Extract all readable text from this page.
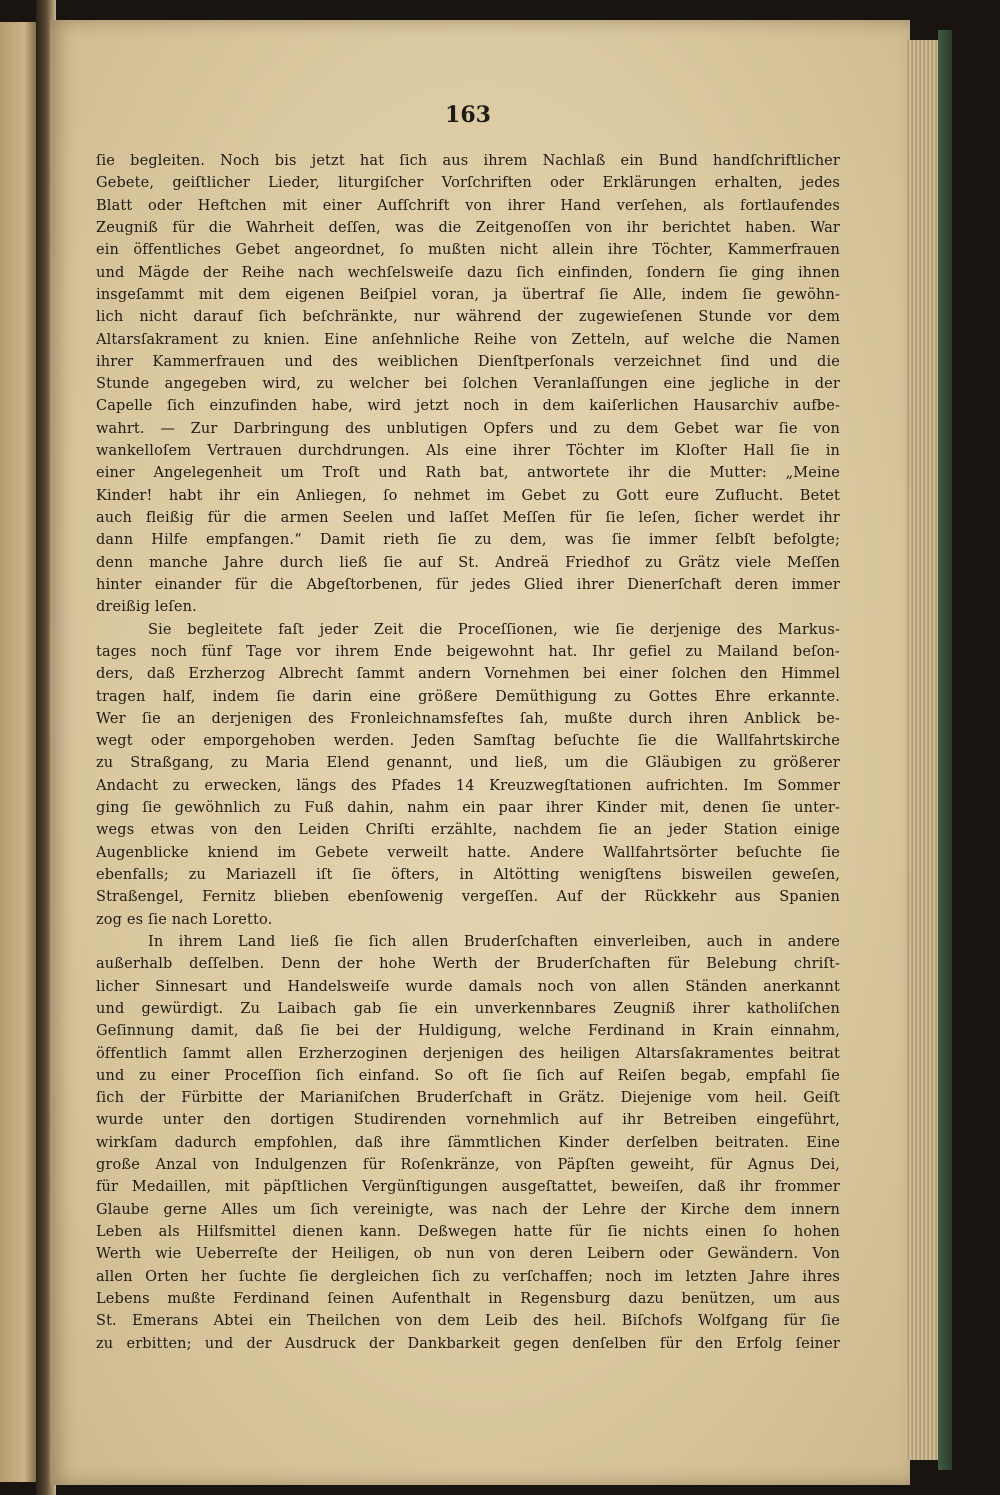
163
ſie begleiten. Noch bis jetzt hat ſich aus ihrem Nachlaß ein Bund handſchriftlicher
Gebete, geiſtlicher Lieder, liturgiſcher Vorſchriften oder Erklärungen erhalten, jedes
Blatt oder Heftchen mit einer Aufſchrift von ihrer Hand verſehen, als fortlaufendes
Zeugniß für die Wahrheit deſſen, was die Zeitgenoſſen von ihr berichtet haben. War
ein öffentliches Gebet angeordnet, ſo mußten nicht allein ihre Töchter, Kammerfrauen
und Mägde der Reihe nach wechſelsweiſe dazu ſich einfinden, ſondern ſie ging ihnen
insgeſammt mit dem eigenen Beiſpiel voran, ja übertraf ſie Alle, indem ſie gewöhn-
lich nicht darauf ſich beſchränkte, nur während der zugewieſenen Stunde vor dem
Altarsſakrament zu knien. Eine anſehnliche Reihe von Zetteln, auf welche die Namen
ihrer Kammerfrauen und des weiblichen Dienſtperſonals verzeichnet ſind und die
Stunde angegeben wird, zu welcher bei ſolchen Veranlaſſungen eine jegliche in der
Capelle ſich einzufinden habe, wird jetzt noch in dem kaiſerlichen Hausarchiv aufbe-
wahrt. — Zur Darbringung des unblutigen Opfers und zu dem Gebet war ſie von
wankelloſem Vertrauen durchdrungen. Als eine ihrer Töchter im Kloſter Hall ſie in
einer Angelegenheit um Troſt und Rath bat, antwortete ihr die Mutter: „Meine
Kinder! habt ihr ein Anliegen, ſo nehmet im Gebet zu Gott eure Zuflucht. Betet
auch fleißig für die armen Seelen und laſſet Meſſen für ſie leſen, ſicher werdet ihr
dann Hilfe empfangen.“ Damit rieth ſie zu dem, was ſie immer ſelbſt befolgte;
denn manche Jahre durch ließ ſie auf St. Andreä Friedhof zu Grätz viele Meſſen
hinter einander für die Abgeſtorbenen, für jedes Glied ihrer Dienerſchaft deren immer
dreißig leſen.
Sie begleitete faſt jeder Zeit die Proceſſionen, wie ſie derjenige des Markus-
tages noch fünf Tage vor ihrem Ende beigewohnt hat. Ihr gefiel zu Mailand beſon-
ders, daß Erzherzog Albrecht ſammt andern Vornehmen bei einer ſolchen den Himmel
tragen half, indem ſie darin eine größere Demüthigung zu Gottes Ehre erkannte.
Wer ſie an derjenigen des Fronleichnamsfeſtes ſah, mußte durch ihren Anblick be-
wegt oder emporgehoben werden. Jeden Samſtag beſuchte ſie die Wallfahrtskirche
zu Straßgang, zu Maria Elend genannt, und ließ, um die Gläubigen zu größerer
Andacht zu erwecken, längs des Pfades 14 Kreuzwegſtationen aufrichten. Im Sommer
ging ſie gewöhnlich zu Fuß dahin, nahm ein paar ihrer Kinder mit, denen ſie unter-
wegs etwas von den Leiden Chriſti erzählte, nachdem ſie an jeder Station einige
Augenblicke kniend im Gebete verweilt hatte. Andere Wallfahrtsörter beſuchte ſie
ebenfalls; zu Mariazell iſt ſie öfters, in Altötting wenigſtens bisweilen geweſen,
Straßengel, Fernitz blieben ebenſowenig vergeſſen. Auf der Rückkehr aus Spanien
zog es ſie nach Loretto.
In ihrem Land ließ ſie ſich allen Bruderſchaften einverleiben, auch in andere
außerhalb deſſelben. Denn der hohe Werth der Bruderſchaften für Belebung chriſt-
licher Sinnesart und Handelsweiſe wurde damals noch von allen Ständen anerkannt
und gewürdigt. Zu Laibach gab ſie ein unverkennbares Zeugniß ihrer katholiſchen
Geſinnung damit, daß ſie bei der Huldigung, welche Ferdinand in Krain einnahm,
öffentlich ſammt allen Erzherzoginen derjenigen des heiligen Altarsſakramentes beitrat
und zu einer Proceſſion ſich einfand. So oft ſie ſich auf Reiſen begab, empfahl ſie
ſich der Fürbitte der Marianiſchen Bruderſchaft in Grätz. Diejenige vom heil. Geiſt
wurde unter den dortigen Studirenden vornehmlich auf ihr Betreiben eingeführt,
wirkſam dadurch empfohlen, daß ihre ſämmtlichen Kinder derſelben beitraten. Eine
große Anzal von Indulgenzen für Roſenkränze, von Päpſten geweiht, für Agnus Dei,
für Medaillen, mit päpſtlichen Vergünſtigungen ausgeſtattet, beweiſen, daß ihr frommer
Glaube gerne Alles um ſich vereinigte, was nach der Lehre der Kirche dem innern
Leben als Hilfsmittel dienen kann. Deßwegen hatte für ſie nichts einen ſo hohen
Werth wie Ueberreſte der Heiligen, ob nun von deren Leibern oder Gewändern. Von
allen Orten her ſuchte ſie dergleichen ſich zu verſchaffen; noch im letzten Jahre ihres
Lebens mußte Ferdinand ſeinen Aufenthalt in Regensburg dazu benützen, um aus
St. Emerans Abtei ein Theilchen von dem Leib des heil. Biſchofs Wolfgang für ſie
zu erbitten; und der Ausdruck der Dankbarkeit gegen denſelben für den Erfolg ſeiner
